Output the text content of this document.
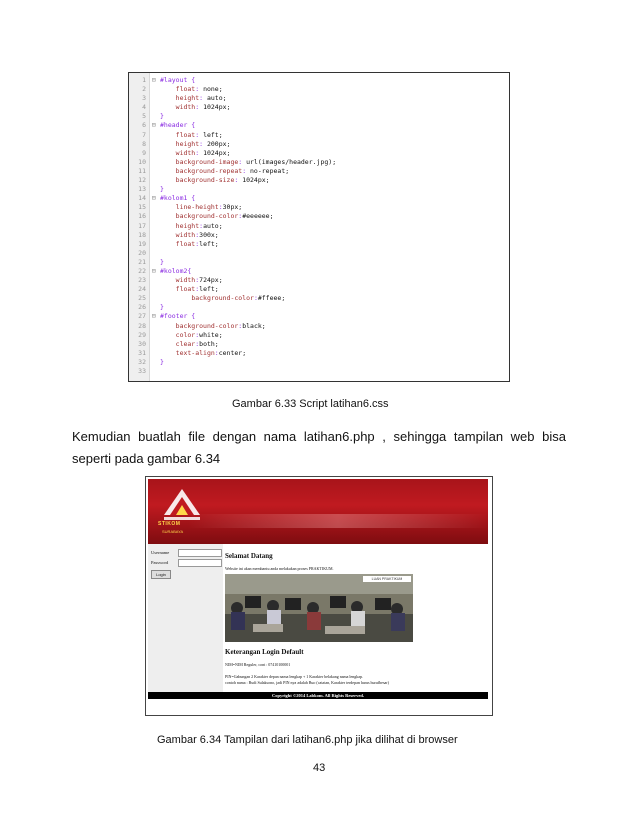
1 ⊟ #layout {
2	float: none;
3	height: auto;
4	width: 1024px;
5 }
6 ⊟ #header {
7	float: left;
8	height: 200px;
9	width: 1024px;
10	background-image: url(images/header.jpg);
11	background-repeat: no-repeat;
12	background-size: 1024px;
13 }
14 ⊟ #kolom1 {
15	line-height:30px;
16	background-color:#eeeeee;
17	height:auto;
18	width:300x;
19	float:left;
20

21 }
22 ⊟ #kolom2{
23	width:724px;
24	float:left;
25	background-color:#ffeee;
26 }
27 ⊟ #footer {
28	background-color:black;
29	color:white;
30	clear:both;
31	text-align:center;
32 }
33
Gambar 6.33 Script latihan6.css
Kemudian buatlah file dengan nama latihan6.php , sehingga tampilan web bisa seperti pada gambar 6.34
STIKOM
SURABAYA
Username
Password
Login
Selamat Datang
Website ini akan membantu anda melakukan proses PRAKTIKUM.
LUAN PRAKTIKUM
Keterangan Login Default
NIM=NIM Reguler, cont : 07410100001
PIN=Gabungan 2 Karakter depan nama lengkap + 1 Karakter belakang nama lengkap.
contoh nama : Budi Sulaksono, jadi PIN nya adalah Buo (catatan, Karakter terdepan harus hurufbesar)
Copyright ©2014 Labkom. All Rights Reserved.
Gambar 6.34 Tampilan dari latihan6.php jika dilihat di browser
43
